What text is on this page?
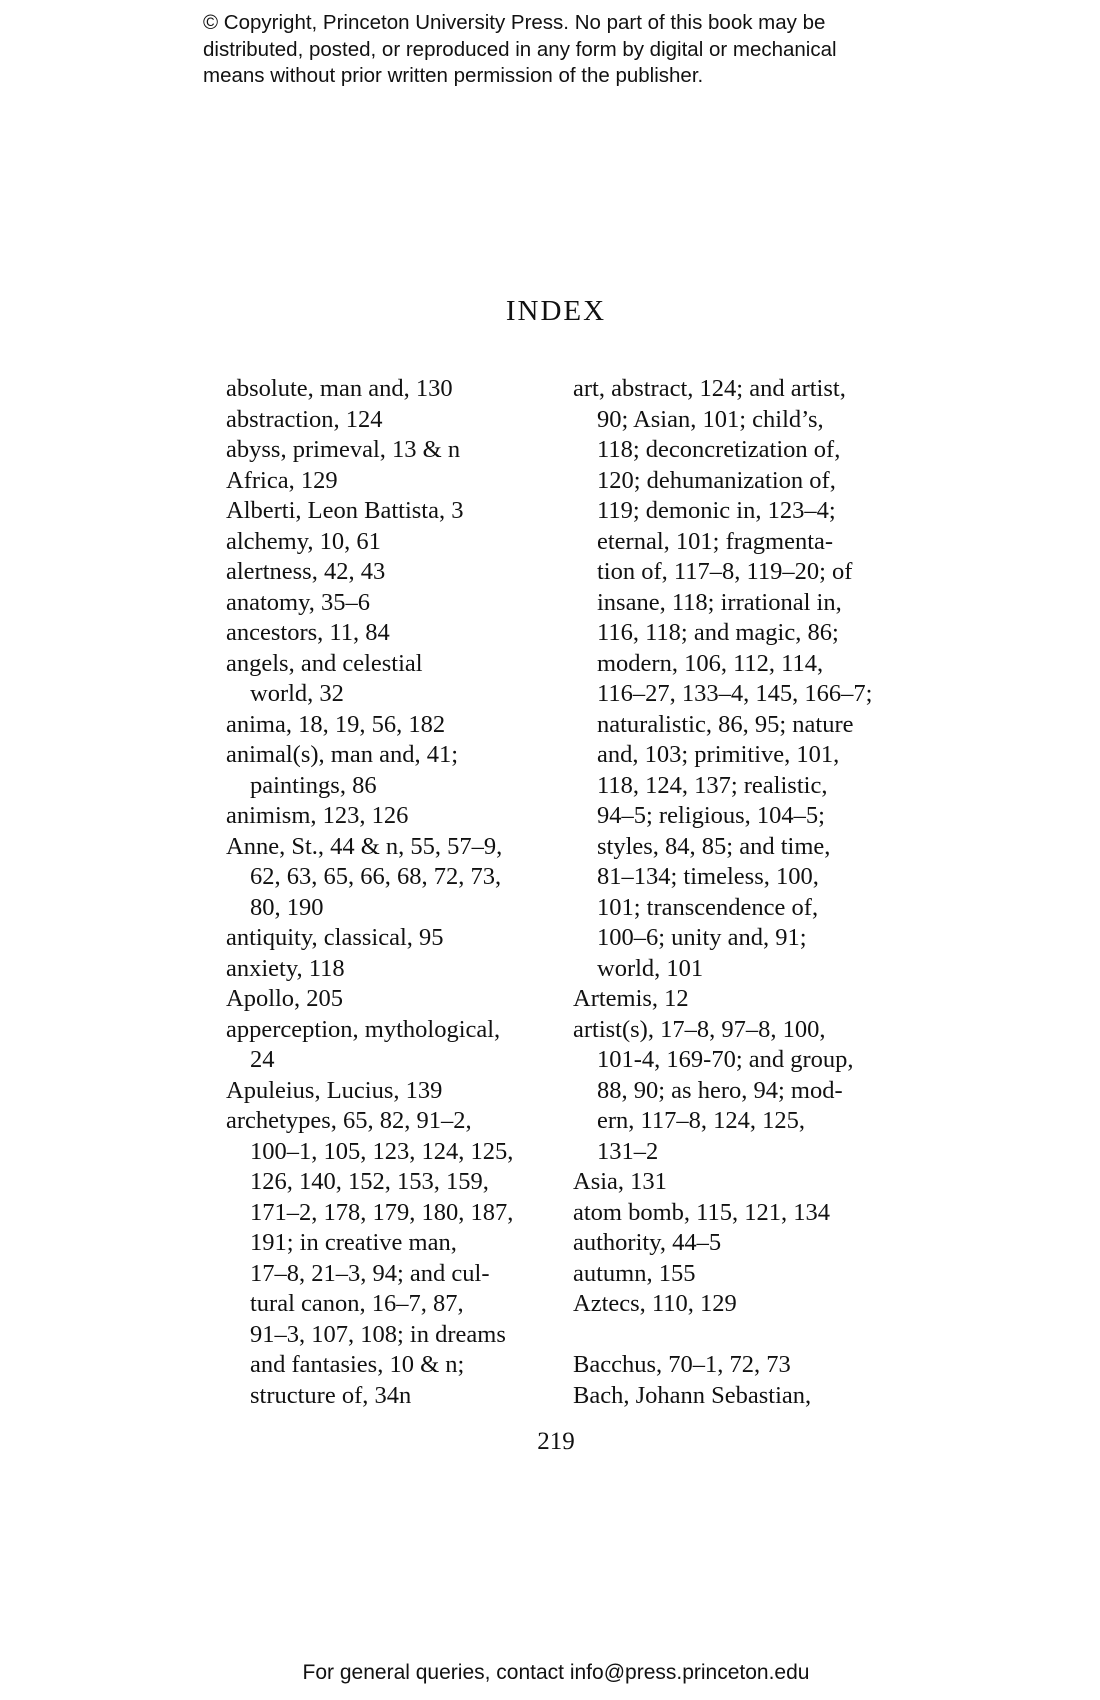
© Copyright, Princeton University Press. No part of this book may be
distributed, posted, or reproduced in any form by digital or mechanical
means without prior written permission of the publisher.
INDEX
absolute, man and, 130
abstraction, 124
abyss, primeval, 13 & n
Africa, 129
Alberti, Leon Battista, 3
alchemy, 10, 61
alertness, 42, 43
anatomy, 35–6
ancestors, 11, 84
angels, and celestial
world, 32
anima, 18, 19, 56, 182
animal(s), man and, 41;
paintings, 86
animism, 123, 126
Anne, St., 44 & n, 55, 57–9,
62, 63, 65, 66, 68, 72, 73,
80, 190
antiquity, classical, 95
anxiety, 118
Apollo, 205
apperception, mythological,
24
Apuleius, Lucius, 139
archetypes, 65, 82, 91–2,
100–1, 105, 123, 124, 125,
126, 140, 152, 153, 159,
171–2, 178, 179, 180, 187,
191; in creative man,
17–8, 21–3, 94; and cul-
tural canon, 16–7, 87,
91–3, 107, 108; in dreams
and fantasies, 10 & n;
structure of, 34n
art, abstract, 124; and artist,
90; Asian, 101; child’s,
118; deconcretization of,
120; dehumanization of,
119; demonic in, 123–4;
eternal, 101; fragmenta-
tion of, 117–8, 119–20; of
insane, 118; irrational in,
116, 118; and magic, 86;
modern, 106, 112, 114,
116–27, 133–4, 145, 166–7;
naturalistic, 86, 95; nature
and, 103; primitive, 101,
118, 124, 137; realistic,
94–5; religious, 104–5;
styles, 84, 85; and time,
81–134; timeless, 100,
101; transcendence of,
100–6; unity and, 91;
world, 101
Artemis, 12
artist(s), 17–8, 97–8, 100,
101-4, 169-70; and group,
88, 90; as hero, 94; mod-
ern, 117–8, 124, 125,
131–2
Asia, 131
atom bomb, 115, 121, 134
authority, 44–5
autumn, 155
Aztecs, 110, 129
Bacchus, 70–1, 72, 73
Bach, Johann Sebastian,
219
For general queries, contact info@press.princeton.edu
